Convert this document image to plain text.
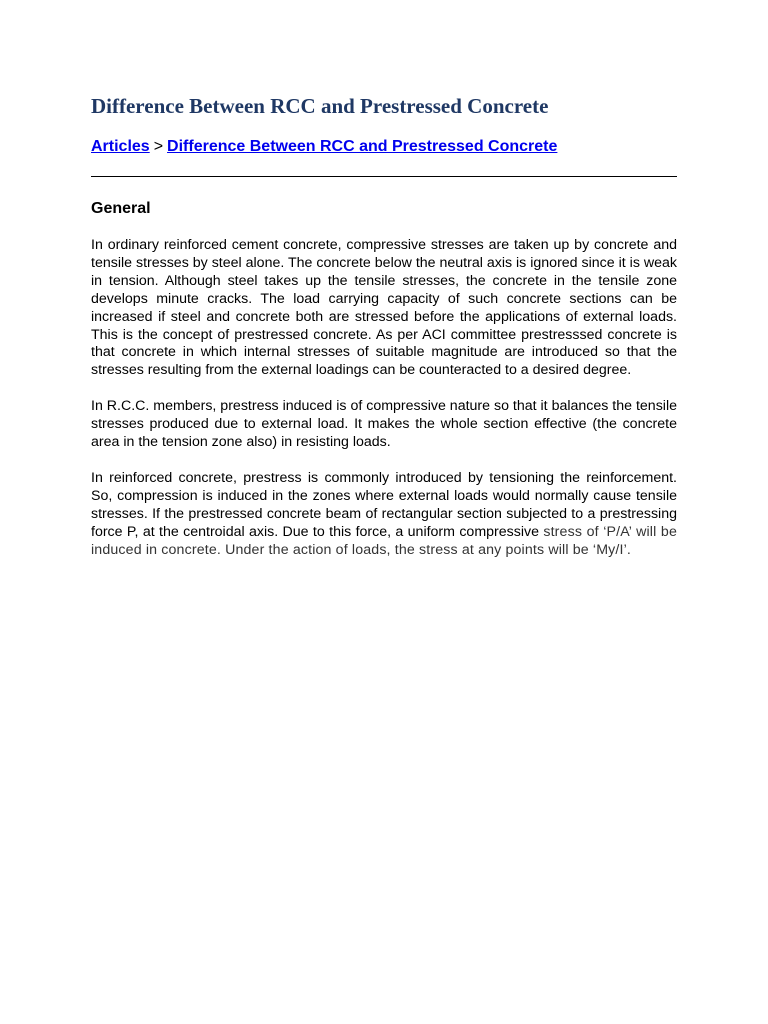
Difference Between RCC and Prestressed Concrete
Articles > Difference Between RCC and Prestressed Concrete
General

In ordinary reinforced cement concrete, compressive stresses are taken up by concrete and tensile stresses by steel alone. The concrete below the neutral axis is ignored since it is weak in tension. Although steel takes up the tensile stresses, the concrete in the tensile zone develops minute cracks. The load carrying capacity of such concrete sections can be increased if steel and concrete both are stressed before the applications of external loads. This is the concept of prestressed concrete. As per ACI committee prestresssed concrete is that concrete in which internal stresses of suitable magnitude are introduced so that the stresses resulting from the external loadings can be counteracted to a desired degree.

In R.C.C. members, prestress induced is of compressive nature so that it balances the tensile stresses produced due to external load. It makes the whole section effective (the concrete area in the tension zone also) in resisting loads.

In reinforced concrete, prestress is commonly introduced by tensioning the reinforcement. So, compression is induced in the zones where external loads would normally cause tensile stresses. If the prestressed concrete beam of rectangular section subjected to a prestressing force P, at the centroidal axis. Due to this force, a uniform compressive stress of ‘P/A’ will be induced in concrete. Under the action of loads, the stress at any points will be ‘My/I’.
